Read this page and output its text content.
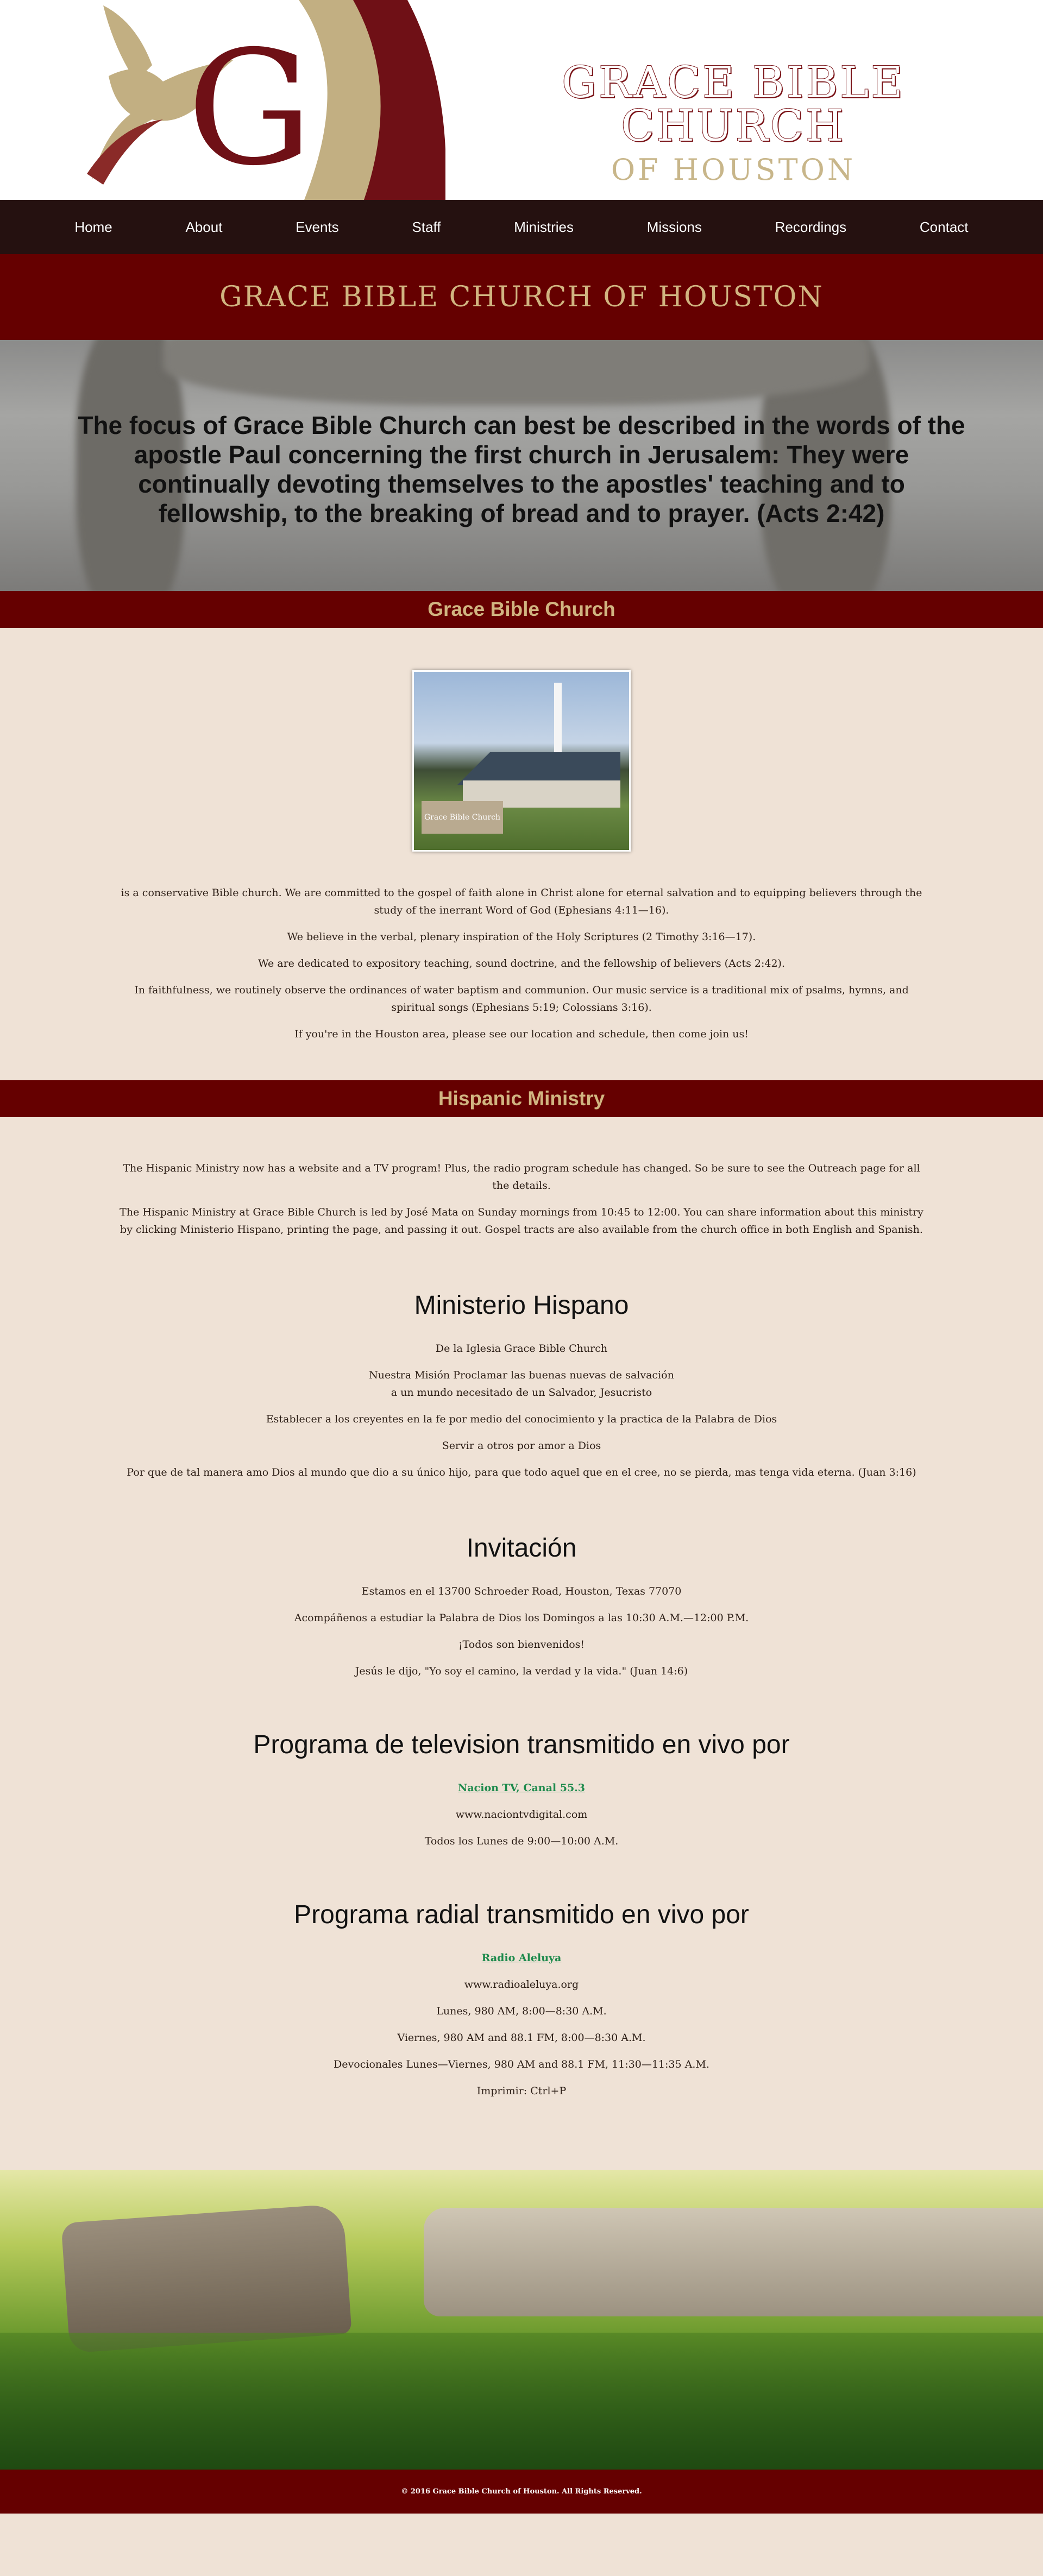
G	GRACE BIBLE CHURCH
OF HOUSTON
Home	About	Events	Staff	Ministries	Missions	Recordings	Contact
GRACE BIBLE CHURCH OF HOUSTON

The focus of Grace Bible Church can best be described in the words of the apostle Paul concerning the first church in Jerusalem: They were continually devoting themselves to the apostles' teaching and to fellowship, to the breaking of bread and to prayer. (Acts 2:42)

Grace Bible Church
Grace Bible Church

is a conservative Bible church. We are committed to the gospel of faith alone in Christ alone for eternal salvation and to equipping believers through the study of the inerrant Word of God (Ephesians 4:11—16).

We believe in the verbal, plenary inspiration of the Holy Scriptures (2 Timothy 3:16—17).

We are dedicated to expository teaching, sound doctrine, and the fellowship of believers (Acts 2:42).

In faithfulness, we routinely observe the ordinances of water baptism and communion. Our music service is a traditional mix of psalms, hymns, and spiritual songs (Ephesians 5:19; Colossians 3:16).

If you're in the Houston area, please see our location and schedule, then come join us!

Hispanic Ministry

The Hispanic Ministry now has a website and a TV program! Plus, the radio program schedule has changed. So be sure to see the Outreach page for all the details.

The Hispanic Ministry at Grace Bible Church is led by José Mata on Sunday mornings from 10:45 to 12:00. You can share information about this ministry by clicking Ministerio Hispano, printing the page, and passing it out. Gospel tracts are also available from the church office in both English and Spanish.

Ministerio Hispano

De la Iglesia Grace Bible Church

Nuestra Misión Proclamar las buenas nuevas de salvación
a un mundo necesitado de un Salvador, Jesucristo

Establecer a los creyentes en la fe por medio del conocimiento y la practica de la Palabra de Dios

Servir a otros por amor a Dios

Por que de tal manera amo Dios al mundo que dio a su único hijo, para que todo aquel que en el cree, no se pierda, mas tenga vida eterna. (Juan 3:16)

Invitación

Estamos en el 13700 Schroeder Road, Houston, Texas 77070

Acompáñenos a estudiar la Palabra de Dios los Domingos a las 10:30 A.M.—12:00 P.M.

¡Todos son bienvenidos!

Jesús le dijo, "Yo soy el camino, la verdad y la vida." (Juan 14:6)

Programa de television transmitido en vivo por

Nacion TV, Canal 55.3

www.naciontvdigital.com

Todos los Lunes de 9:00—10:00 A.M.

Programa radial transmitido en vivo por

Radio Aleluya

www.radioaleluya.org

Lunes, 980 AM, 8:00—8:30 A.M.

Viernes, 980 AM and 88.1 FM, 8:00—8:30 A.M.

Devocionales Lunes—Viernes, 980 AM and 88.1 FM, 11:30—11:35 A.M.

Imprimir: Ctrl+P

© 2016 Grace Bible Church of Houston. All Rights Reserved.
